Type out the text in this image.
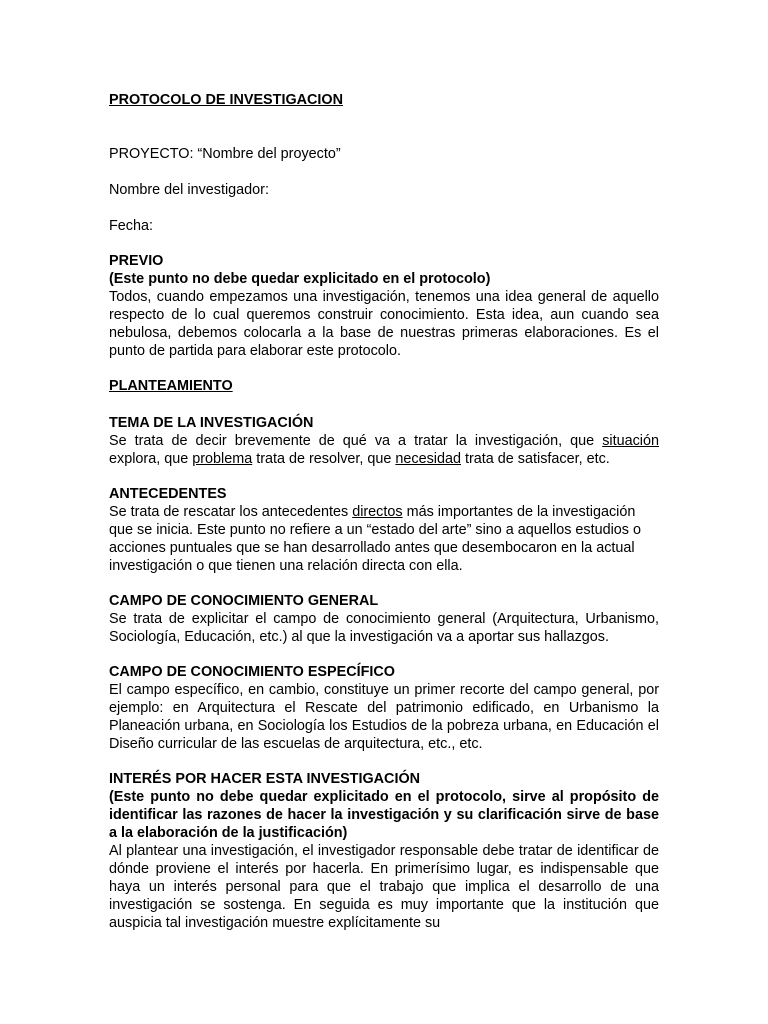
PROTOCOLO DE INVESTIGACION

PROYECTO: “Nombre del proyecto”

Nombre del investigador:

Fecha:

PREVIO

(Este punto no debe quedar explicitado en el protocolo)

Todos, cuando empezamos una investigación, tenemos una idea general de aquello respecto de lo cual queremos construir conocimiento. Esta idea, aun cuando sea nebulosa, debemos colocarla a la base de nuestras primeras elaboraciones. Es el punto de partida para elaborar este protocolo.

PLANTEAMIENTO

TEMA DE LA INVESTIGACIÓN

Se trata de decir brevemente de qué va a tratar la investigación, que situación explora, que problema trata de resolver, que necesidad trata de satisfacer, etc.

ANTECEDENTES

Se trata de rescatar los antecedentes directos más importantes de la investigación que se inicia. Este punto no refiere a un “estado del arte” sino a aquellos estudios o acciones puntuales que se han desarrollado antes que desembocaron en la actual investigación o que tienen una relación directa con ella.

CAMPO DE CONOCIMIENTO GENERAL

Se trata de explicitar el campo de conocimiento general (Arquitectura, Urbanismo, Sociología, Educación, etc.) al que la investigación va a aportar sus hallazgos.

CAMPO DE CONOCIMIENTO ESPECÍFICO

El campo específico, en cambio, constituye un primer recorte del campo general, por ejemplo: en Arquitectura el Rescate del patrimonio edificado, en Urbanismo la Planeación urbana, en Sociología los Estudios de la pobreza urbana, en Educación el Diseño curricular de las escuelas de arquitectura, etc., etc.

INTERÉS POR HACER ESTA INVESTIGACIÓN

(Este punto no debe quedar explicitado en el protocolo, sirve al propósito de identificar las razones de hacer la investigación y su clarificación sirve de base a la elaboración de la justificación)

Al plantear una investigación, el investigador responsable debe tratar de identificar de dónde proviene el interés por hacerla. En primerísimo lugar, es indispensable que haya un interés personal para que el trabajo que implica el desarrollo de una investigación se sostenga. En seguida es muy importante que la institución que auspicia tal investigación muestre explícitamente su
